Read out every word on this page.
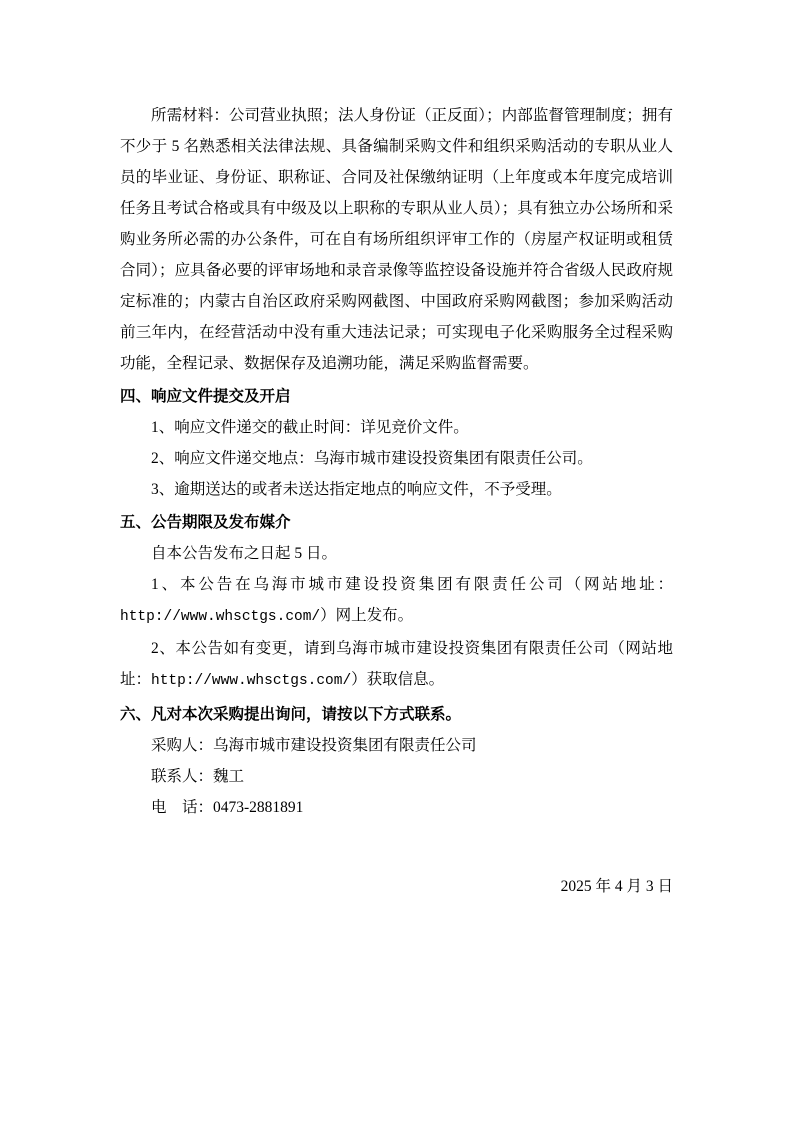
所需材料：公司营业执照；法人身份证（正反面）；内部监督管理制度；拥有不少于 5 名熟悉相关法律法规、具备编制采购文件和组织采购活动的专职从业人员的毕业证、身份证、职称证、合同及社保缴纳证明（上年度或本年度完成培训任务且考试合格或具有中级及以上职称的专职从业人员）；具有独立办公场所和采购业务所必需的办公条件，可在自有场所组织评审工作的（房屋产权证明或租赁合同）；应具备必要的评审场地和录音录像等监控设备设施并符合省级人民政府规定标准的；内蒙古自治区政府采购网截图、中国政府采购网截图；参加采购活动前三年内，在经营活动中没有重大违法记录；可实现电子化采购服务全过程采购功能，全程记录、数据保存及追溯功能，满足采购监督需要。

四、响应文件提交及开启

1、响应文件递交的截止时间：详见竞价文件。

2、响应文件递交地点：乌海市城市建设投资集团有限责任公司。

3、逾期送达的或者未送达指定地点的响应文件，不予受理。

五、公告期限及发布媒介

自本公告发布之日起 5 日。

1、本公告在乌海市城市建设投资集团有限责任公司（网站地址：http://www.whsctgs.com/）网上发布。

2、本公告如有变更，请到乌海市城市建设投资集团有限责任公司（网站地址：http://www.whsctgs.com/）获取信息。

六、凡对本次采购提出询问，请按以下方式联系。

采购人：乌海市城市建设投资集团有限责任公司

联系人：魏工

电　话：0473-2881891

2025 年 4 月 3 日
